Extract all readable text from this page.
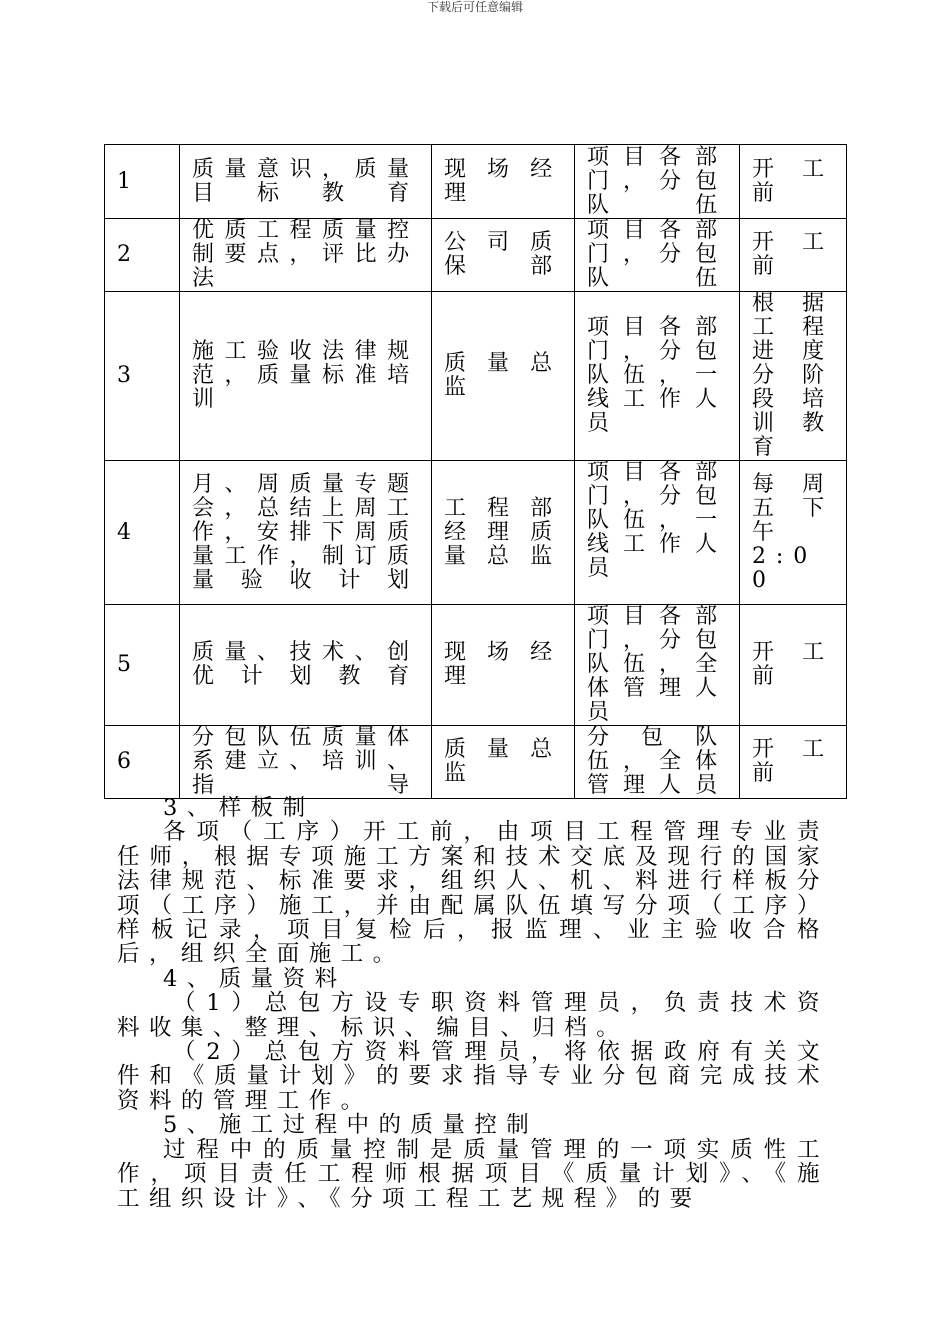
下载后可任意编辑
1	质量意识，质量目标教育	现场经理	项目各部门，分包队伍	开工前
2	优质工程质量控制要点，评比办法	公司质保部	项目各部门，分包队伍	开工前
3	施工验收法律规范，质量标准培训	质量总监	项目各部门，分包队伍，一线工作人员	根据工程进度分阶段培训教育
4	月、周质量专题会，总结上周工作，安排下周质量工作，制订质量验收计划	工程部经理质量总监	项目各部门，分包队伍，一线工作人员	每周五下午 2:00
5	质量、技术、创优计划教育	现场经理	项目各部门，分包队伍，全体管理人员	开工前
6	分包队伍质量体系建立、培训、指导	质量总监	分包队伍，全体管理人员	开工前

3、样板制

各项（工序）开工前，由项目工程管理专业责任师，根据专项施工方案和技术交底及现行的国家法律规范、标准要求，组织人、机、料进行样板分项（工序）施工，并由配属队伍填写分项（工序）样板记录，项目复检后，报监理、业主验收合格后，组织全面施工。

4、质量资料

（1）总包方设专职资料管理员，负责技术资料收集、整理、标识、编目、归档。

（2）总包方资料管理员，将依据政府有关文件和《质量计划》的要求指导专业分包商完成技术资料的管理工作。

5、施工过程中的质量控制

过程中的质量控制是质量管理的一项实质性工作，项目责任工程师根据项目《质量计划》、《施工组织设计》、《分项工程工艺规程》的要
